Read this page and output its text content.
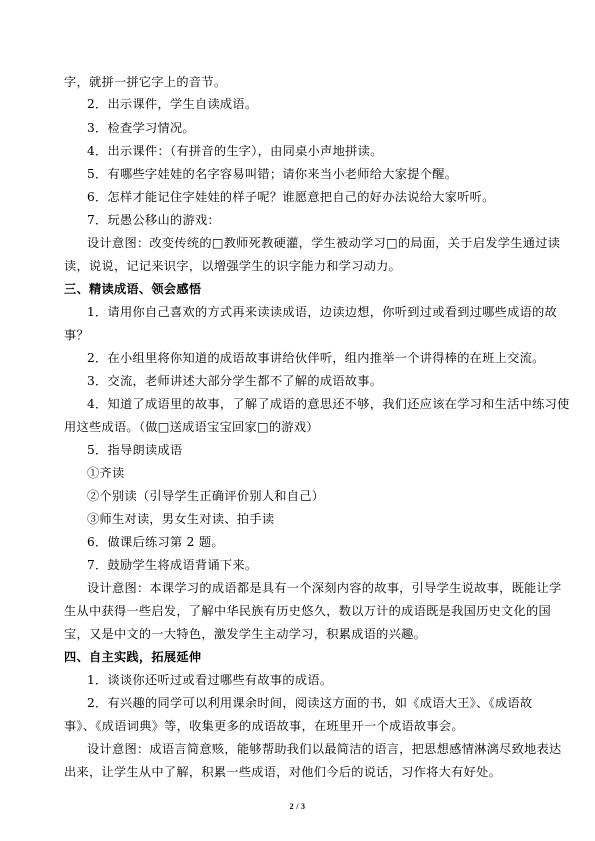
字，就拼一拼它字上的音节。
2．出示课件，学生自读成语。
3．检查学习情况。
4．出示课件：（有拼音的生字），由同桌小声地拼读。
5．有哪些字娃娃的名字容易叫错；请你来当小老师给大家提个醒。
6．怎样才能记住字娃娃的样子呢？谁愿意把自己的好办法说给大家听听。
7．玩愚公移山的游戏：
设计意图：改变传统的□教师死教硬灌，学生被动学习□的局面，关于启发学生通过读
读，说说，记记来识字，以增强学生的识字能力和学习动力。
三、精读成语、领会感悟
1．请用你自己喜欢的方式再来读读成语，边读边想，你听到过或看到过哪些成语的故
事？
2．在小组里将你知道的成语故事讲给伙伴听，组内推举一个讲得棒的在班上交流。
3．交流，老师讲述大部分学生都不了解的成语故事。
4．知道了成语里的故事，了解了成语的意思还不够，我们还应该在学习和生活中练习使
用这些成语。（做□送成语宝宝回家□的游戏）
5．指导朗读成语
①齐读
②个别读（引导学生正确评价别人和自己）
③师生对读，男女生对读、拍手读
6．做课后练习第 2 题。
7．鼓励学生将成语背诵下来。
设计意图：本课学习的成语都是具有一个深刻内容的故事，引导学生说故事，既能让学
生从中获得一些启发，了解中华民族有历史悠久，数以万计的成语既是我国历史文化的国
宝，又是中文的一大特色，激发学生主动学习，积累成语的兴趣。
四、自主实践，拓展延伸
1．谈谈你还听过或看过哪些有故事的成语。
2．有兴趣的同学可以利用课余时间，阅读这方面的书，如《成语大王》、《成语故
事》、《成语词典》等，收集更多的成语故事，在班里开一个成语故事会。
设计意图：成语言简意赅，能够帮助我们以最简洁的语言，把思想感情淋漓尽致地表达
出来，让学生从中了解，积累一些成语，对他们今后的说话，习作将大有好处。
2 / 3
